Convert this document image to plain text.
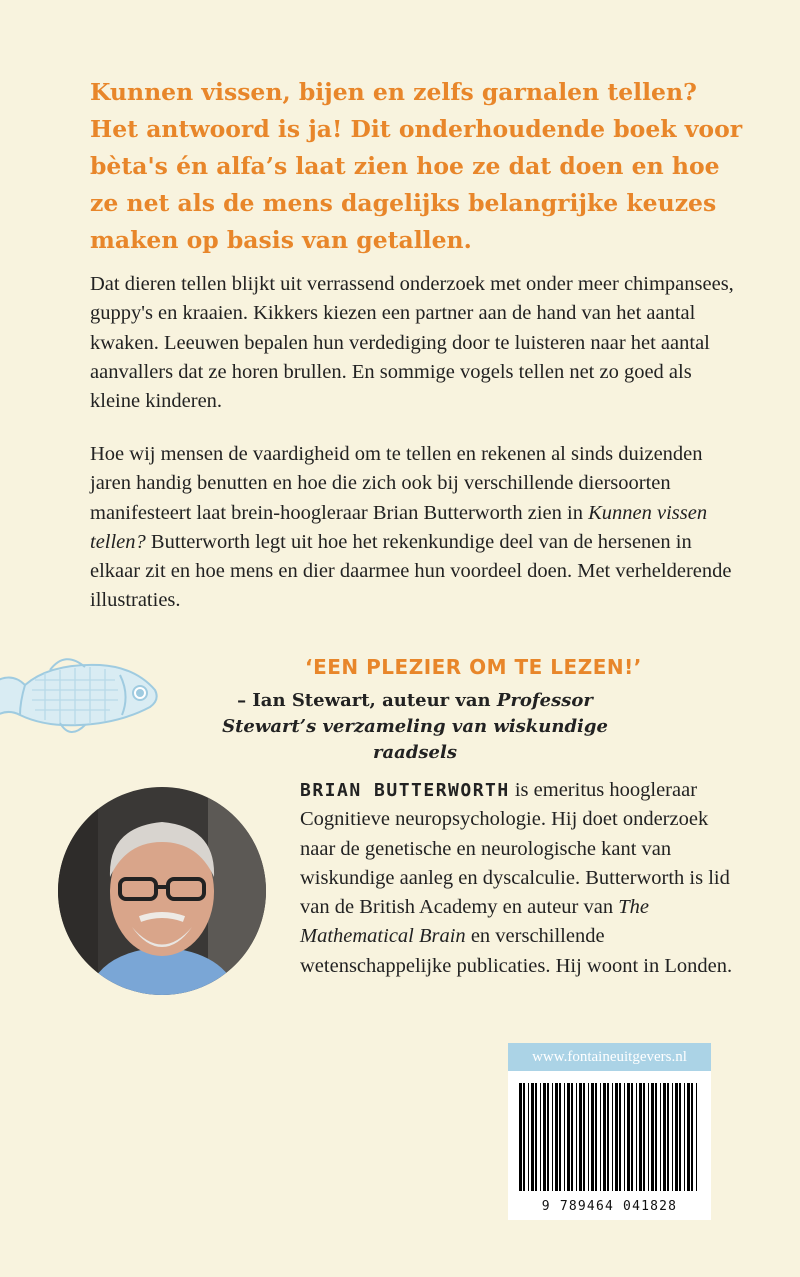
Kunnen vissen, bijen en zelfs garnalen tellen? Het antwoord is ja! Dit onderhoudende boek voor bèta's én alfa’s laat zien hoe ze dat doen en hoe ze net als de mens dagelijks belangrijke keuzes maken op basis van getallen.
Dat dieren tellen blijkt uit verrassend onderzoek met onder meer chimpansees, guppy's en kraaien. Kikkers kiezen een partner aan de hand van het aantal kwaken. Leeuwen bepalen hun verdediging door te luisteren naar het aantal aanvallers dat ze horen brullen. En sommige vogels tellen net zo goed als kleine kinderen.
Hoe wij mensen de vaardigheid om te tellen en rekenen al sinds duizenden jaren handig benutten en hoe die zich ook bij verschillende diersoorten manifesteert laat brein-hoogleraar Brian Butterworth zien in Kunnen vissen tellen? Butterworth legt uit hoe het rekenkundige deel van de hersenen in elkaar zit en hoe mens en dier daarmee hun voordeel doen. Met verhelderende illustraties.
‘EEN PLEZIER OM TE LEZEN!’
– Ian Stewart, auteur van Professor Stewart’s verzameling van wiskundige raadsels
BRIAN BUTTERWORTH is emeritus hoogleraar Cognitieve neuropsychologie. Hij doet onderzoek naar de genetische en neurologische kant van wiskundige aanleg en dyscalculie. Butterworth is lid van de British Academy en auteur van The Mathematical Brain en verschillende wetenschappelijke publicaties. Hij woont in Londen.
www.fontaineuitgevers.nl
9 789464 041828
